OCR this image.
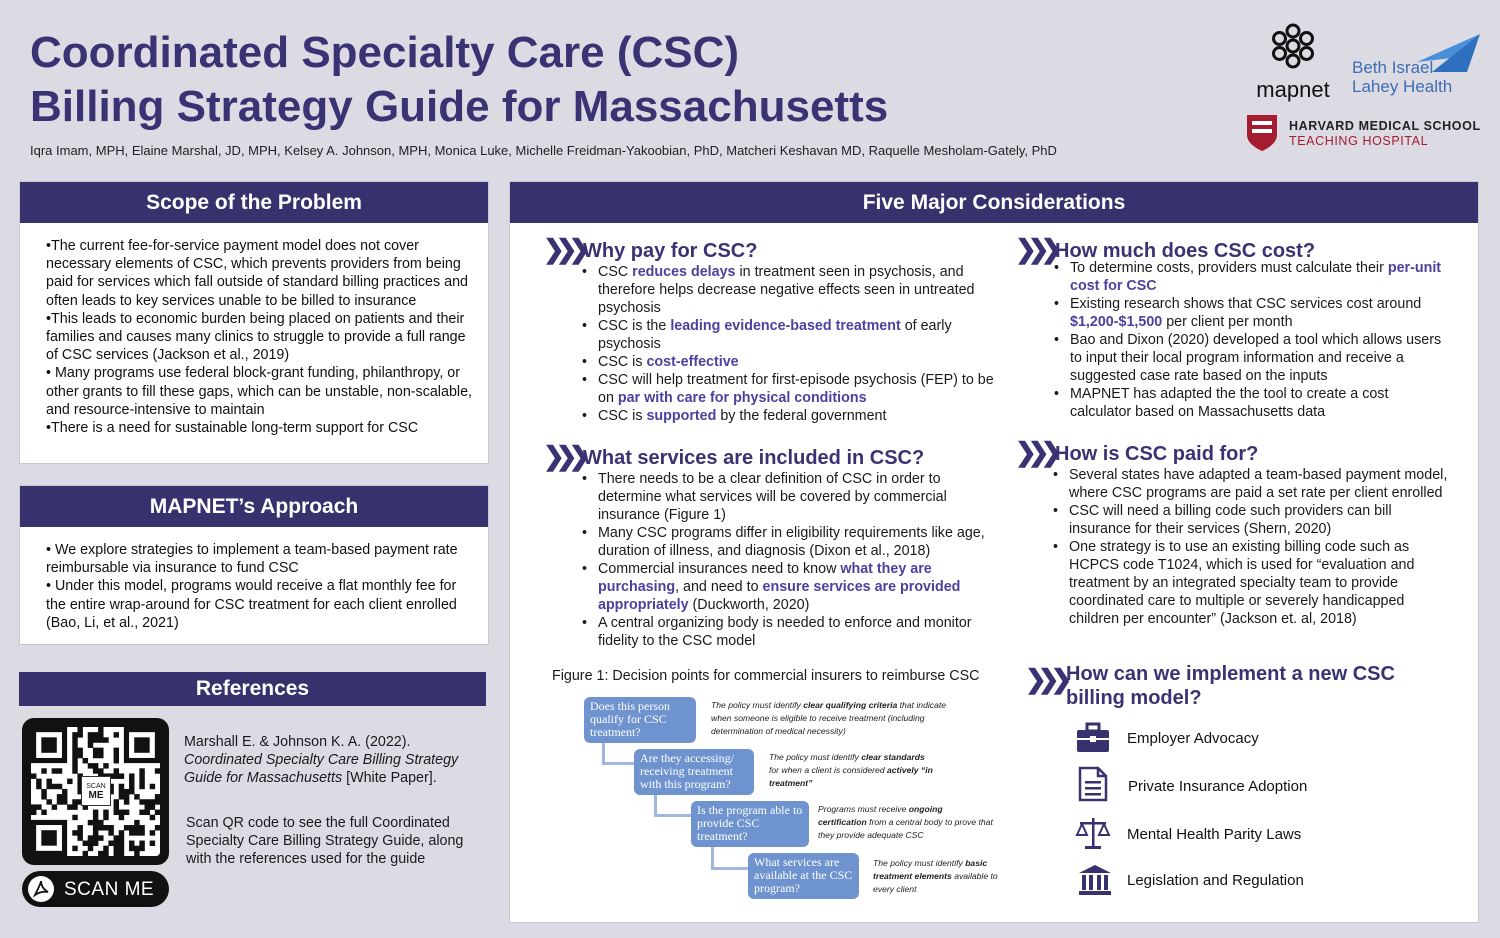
Coordinated Specialty Care (CSC)
Billing Strategy Guide for Massachusetts
Iqra Imam, MPH, Elaine Marshal, JD, MPH, Kelsey A. Johnson, MPH, Monica Luke, Michelle Freidman-Yakoobian, PhD, Matcheri Keshavan MD, Raquelle Mesholam-Gately, PhD
mapnet
Beth Israel
Lahey Health
HARVARD MEDICAL SCHOOL
TEACHING HOSPITAL
Scope of the Problem

•The current fee-for-service payment model does not cover necessary elements of CSC, which prevents providers from being paid for services which fall outside of standard billing practices and often leads to key services unable to be billed to insurance

•This leads to economic burden being placed on patients and their families and causes many clinics to struggle to provide a full range of CSC services (Jackson et al., 2019)

• Many programs use federal block-grant funding, philanthropy, or other grants to fill these gaps, which can be unstable, non-scalable, and resource-intensive to maintain

•There is a need for sustainable long-term support for CSC

MAPNET’s Approach

• We explore strategies to implement a team-based payment rate reimbursable via insurance to fund CSC

• Under this model, programs would receive a flat monthly fee for the entire wrap-around for CSC treatment for each client enrolled (Bao, Li, et al., 2021)

References
SCAN
ME
SCAN ME
Marshall E. & Johnson K. A. (2022).
Coordinated Specialty Care Billing Strategy Guide for Massachusetts [White Paper].
Scan QR code to see the full Coordinated Specialty Care Billing Strategy Guide, along with the references used for the guide
Five Major Considerations
❯❯❯Why pay for CSC?
• CSC reduces delays in treatment seen in psychosis, and therefore helps decrease negative effects seen in untreated psychosis
• CSC is the leading evidence-based treatment of early psychosis
• CSC is cost-effective
• CSC will help treatment for first-episode psychosis (FEP) to be on par with care for physical conditions
• CSC is supported by the federal government
❯❯❯What services are included in CSC?
• There needs to be a clear definition of CSC in order to determine what services will be covered by commercial insurance (Figure 1)
• Many CSC programs differ in eligibility requirements like age, duration of illness, and diagnosis (Dixon et al., 2018)
• Commercial insurances need to know what they are purchasing, and need to ensure services are provided appropriately (Duckworth, 2020)
• A central organizing body is needed to enforce and monitor fidelity to the CSC model
Figure 1: Decision points for commercial insurers to reimburse CSC
Does this person qualify for CSC treatment?
The policy must identify clear qualifying criteria that indicate when someone is eligible to receive treatment (including determination of medical necessity)
Are they accessing/ receiving treatment with this program?
The policy must identify clear standards for when a client is considered actively “in treatment”
Is the program able to provide CSC treatment?
Programs must receive ongoing certification from a central body to prove that they provide adequate CSC
What services are available at the CSC program?
The policy must identify basic treatment elements available to every client
❯❯❯How much does CSC cost?
• To determine costs, providers must calculate their per-unit cost for CSC
• Existing research shows that CSC services cost around $1,200-$1,500 per client per month
• Bao and Dixon (2020) developed a tool which allows users to input their local program information and receive a suggested case rate based on the inputs
• MAPNET has adapted the the tool to create a cost calculator based on Massachusetts data
❯❯❯How is CSC paid for?
• Several states have adapted a team-based payment model, where CSC programs are paid a set rate per client enrolled
• CSC will need a billing code such providers can bill insurance for their services (Shern, 2020)
• One strategy is to use an existing billing code such as HCPCS code T1024, which is used for “evaluation and treatment by an integrated specialty team to provide coordinated care to multiple or severely handicapped children per encounter” (Jackson et. al, 2018)
❯❯❯ How can we implement a new CSC
billing model?
Employer Advocacy
Private Insurance Adoption
Mental Health Parity Laws
Legislation and Regulation
